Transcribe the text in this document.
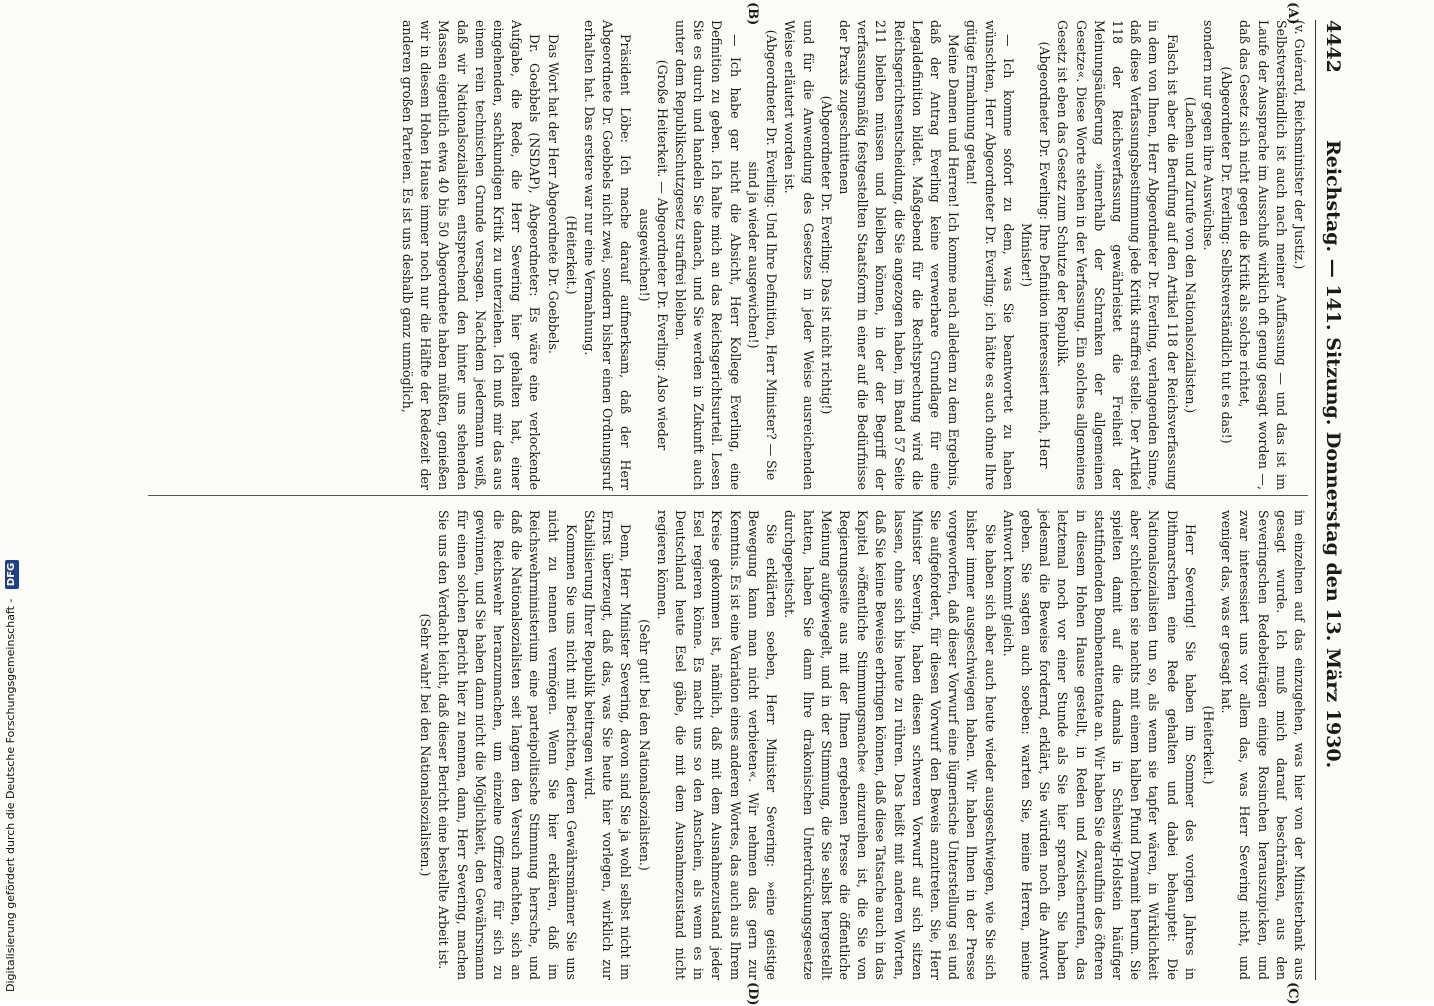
4442
Reichstag. — 141. Sitzung. Donnerstag den 13. März 1930.
(A)
(B)
(C)
(D)

(v. Guérard, Reichsminister der Justiz.)

Selbstverständlich ist auch nach meiner Auffassung — und das ist im Laufe der Aussprache im Ausschuß wirklich oft genug gesagt worden —, daß das Gesetz sich nicht gegen die Kritik als solche richtet,

(Abgeordneter Dr. Everling: Selbstverständlich tut es das!)

sondern nur gegen ihre Auswüchse.

(Lachen und Zurufe von den Nationalsozialisten.)

Falsch ist aber die Berufung auf den Artikel 118 der Reichsverfassung in dem von Ihnen, Herr Abgeordneter Dr. Everling, verlangenden Sinne, daß diese Verfassungsbestimmung jede Kritik straffrei stelle. Der Artikel 118 der Reichsverfassung gewährleistet die Freiheit der Meinungsäußerung »innerhalb der Schranken der allgemeinen Gesetze«. Diese Worte stehen in der Verfassung. Ein solches allgemeines Gesetz ist eben das Gesetz zum Schutze der Republik.

(Abgeordneter Dr. Everling: Ihre Definition interessiert mich, Herr Minister!)

— Ich komme sofort zu dem, was Sie beantwortet zu haben wünschten, Herr Abgeordneter Dr. Everling; ich hätte es auch ohne Ihre gütige Ermahnung getan!

Meine Damen und Herren! Ich komme nach alledem zu dem Ergebnis, daß der Antrag Everling keine verwerbare Grundlage für eine Legaldefinition bildet. Maßgebend für die Rechtsprechung wird die Reichsgerichtsentscheidung, die Sie angezogen haben, im Band 57 Seite 211 bleiben müssen und bleiben können, in der der Begriff der verfassungsmäßig festgestellten Staatsform in einer auf die Bedürfnisse der Praxis zugeschnittenen

(Abgeordneter Dr. Everling: Das ist nicht richtig!)

und für die Anwendung des Gesetzes in jeder Weise ausreichenden Weise erläutert worden ist.

(Abgeordneter Dr. Everling: Und Ihre Definition, Herr Minister? — Sie sind ja wieder ausgewichen!)

— Ich habe gar nicht die Absicht, Herr Kollege Everling, eine Definition zu geben. Ich halte mich an das Reichsgerichtsurteil. Lesen Sie es durch und handeln Sie danach, und Sie werden in Zukunft auch unter dem Republikschutzgesetz straffrei bleiben.

(Große Heiterkeit. — Abgeordneter Dr. Everling: Also wieder ausgewichen!)

Präsident Löbe: Ich mache darauf aufmerksam, daß der Herr Abgeordnete Dr. Goebbels nicht zwei, sondern bisher einen Ordnungsruf erhalten hat. Das erstere war nur eine Vermahnung.

(Heiterkeit.)

Das Wort hat der Herr Abgeordnete Dr. Goebbels.

Dr. Goebbels (NSDAP), Abgeordneter: Es wäre eine verlockende Aufgabe, die Rede, die Herr Severing hier gehalten hat, einer eingehenden, sachkundigen Kritik zu unterziehen. Ich muß mir das aus einem rein technischen Grunde versagen. Nachdem jedermann weiß, daß wir Nationalsozialisten entsprechend den hinter uns stehenden Massen eigentlich etwa 40 bis 50 Abgeordnete haben müßten, genießen wir in diesem Hohen Hause immer noch nur die Hälfte der Redezeit der anderen großen Parteien. Es ist uns deshalb ganz unmöglich,

im einzelnen auf das einzugehen, was hier von der Ministerbank aus gesagt wurde. Ich muß mich darauf beschränken, aus den Severingschen Redebeiträgen einige Rosinchen herauszupicken, und zwar interessiert uns vor allem das, was Herr Severing nicht, und weniger das, was er gesagt hat.

(Heiterkeit.)

Herr Severing! Sie haben im Sommer des vorigen Jahres in Dithmarschen eine Rede gehalten und dabei behauptet: Die Nationalsozialisten tun so, als wenn sie tapfer wären, in Wirklichkeit aber schleichen sie nachts mit einem halben Pfund Dynamit herum. Sie spielten damit auf die damals in Schleswig-Holstein häufiger stattfindenden Bombenattentate an. Wir haben Sie daraufhin des öfteren in diesem Hohen Hause gestellt, in Reden und Zwischenrufen, das letztemal noch vor einer Stunde als Sie hier sprachen. Sie haben jedesmal die Beweise fordernd, erklärt, Sie würden noch die Antwort geben. Sie sagten auch soeben: warten Sie, meine Herren, meine Antwort kommt gleich.

Sie haben sich aber auch heute wieder ausgeschwiegen, wie Sie sich bisher immer ausgeschwiegen haben. Wir haben Ihnen in der Presse vorgeworfen, daß dieser Vorwurf eine lügnerische Unterstellung sei und Sie aufgefordert, für diesen Vorwurf den Beweis anzutreten. Sie, Herr Minister Severing, haben diesen schweren Vorwurf auf sich sitzen lassen, ohne sich bis heute zu rühren. Das heißt mit anderen Worten, daß Sie keine Beweise erbringen können, daß diese Tatsache auch in das Kapitel »öffentliche Stimmungsmache« einzureihen ist, die Sie von Regierungsseite aus mit der Ihnen ergebenen Presse die öffentliche Meinung aufgewiegelt, und in der Stimmung, die Sie selbst hergestellt hatten, haben Sie dann Ihre drakonischen Unterdrückungsgesetze durchgepeitscht.

Sie erklärten soeben, Herr Minister Severing: »eine geistige Bewegung kann man nicht verbieten«. Wir nehmen das gern zur Kenntnis. Es ist eine Variation eines anderen Wortes, das auch aus Ihrem Kreise gekommen ist, nämlich, daß mit dem Ausnahmezustand jeder Esel regieren könne. Es macht uns so den Anschein, als wenn es in Deutschland heute Esel gäbe, die mit dem Ausnahmezustand nicht regieren können.

(Sehr gut! bei den Nationalsozialisten.)

Denn, Herr Minister Severing, davon sind Sie ja wohl selbst nicht im Ernst überzeugt, daß das, was Sie heute hier vorlegen, wirklich zur Stabilisierung Ihrer Republik beitragen wird.

Kommen Sie uns nicht mit Berichten, deren Gewährsmänner Sie uns nicht zu nennen vermögen. Wenn Sie hier erklären, daß im Reichswehrministerium eine parteipolitische Stimmung herrsche, und daß die Nationalsozialisten seit langem den Versuch machten, sich an die Reichswehr heranzumachen, um einzelne Offiziere für sich zu gewinnen, und Sie haben dann nicht die Möglichkeit, den Gewährsmann für einen solchen Bericht hier zu nennen, dann, Herr Severing, machen Sie uns den Verdacht leicht, daß dieser Bericht eine bestellte Arbeit ist.

(Sehr wahr! bei den Nationalsozialisten.)

Digitalisierung gefördert durch die Deutsche Forschungsgemeinschaft - DFG
